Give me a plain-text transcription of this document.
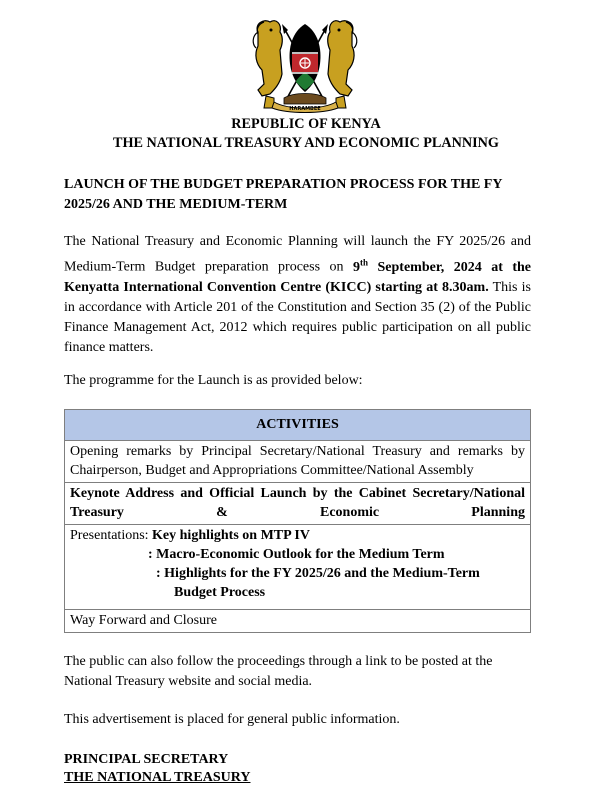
HARAMBEE
REPUBLIC OF KENYA
THE NATIONAL TREASURY AND ECONOMIC PLANNING
LAUNCH OF THE BUDGET PREPARATION PROCESS FOR THE FY 2025/26 AND THE MEDIUM-TERM
The National Treasury and Economic Planning will launch the FY 2025/26 and Medium-Term Budget preparation process on 9th September, 2024 at the Kenyatta International Convention Centre (KICC) starting at 8.30am. This is in accordance with Article 201 of the Constitution and Section 35 (2) of the Public Finance Management Act, 2012 which requires public participation on all public finance matters.
The programme for the Launch is as provided below:
ACTIVITIES
Opening remarks by Principal Secretary/National Treasury and remarks by Chairperson, Budget and Appropriations Committee/National Assembly
Keynote Address and Official Launch by the Cabinet Secretary/National Treasury & Economic Planning

Presentations: Key highlights on MTP IV
: Macro-Economic Outlook for the Medium Term
: Highlights for the FY 2025/26 and the Medium-Term
Budget Process

Way Forward and Closure
The public can also follow the proceedings through a link to be posted at the National Treasury website and social media.
This advertisement is placed for general public information.
PRINCIPAL SECRETARY
THE NATIONAL TREASURY
